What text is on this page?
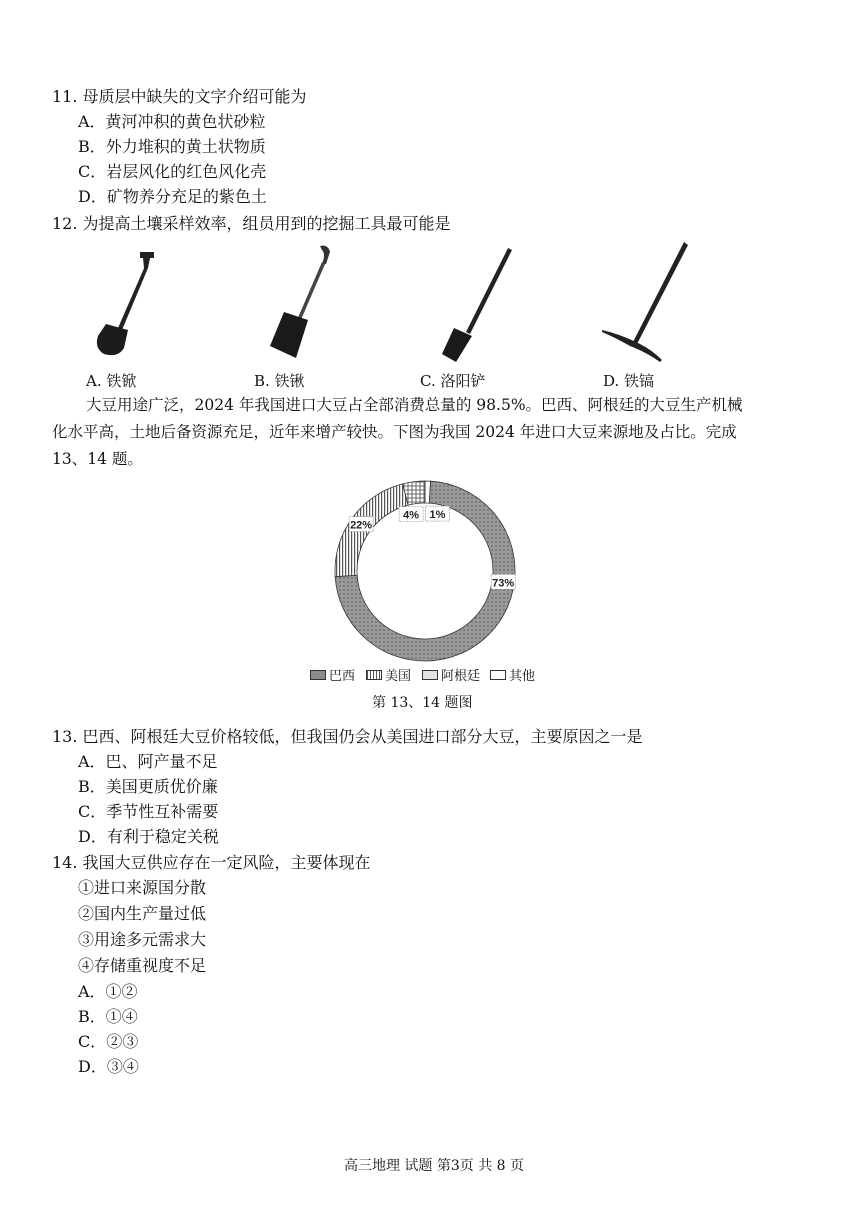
11. 母质层中缺失的文字介绍可能为
A．黄河冲积的黄色状砂粒
B．外力堆积的黄土状物质
C．岩层风化的红色风化壳
D．矿物养分充足的紫色土
12. 为提高土壤采样效率，组员用到的挖掘工具最可能是
A. 铁锨	B. 铁锹	C. 洛阳铲	D. 铁镐
大豆用途广泛，2024 年我国进口大豆占全部消费总量的 98.5%。巴西、阿根廷的大豆生产机械
化水平高，土地后备资源充足，近年来增产较快。下图为我国 2024 年进口大豆来源地及占比。完成
13、14 题。
1%
73%
22%
4%
巴西 美国 阿根廷 其他
第 13、14 题图
13. 巴西、阿根廷大豆价格较低，但我国仍会从美国进口部分大豆，主要原因之一是
A．巴、阿产量不足
B．美国更质优价廉
C．季节性互补需要
D．有利于稳定关税
14. 我国大豆供应存在一定风险，主要体现在
①进口来源国分散
②国内生产量过低
③用途多元需求大
④存储重视度不足
A．①②
B．①④
C．②③
D．③④
高三地理 试题 第3页 共 8 页
